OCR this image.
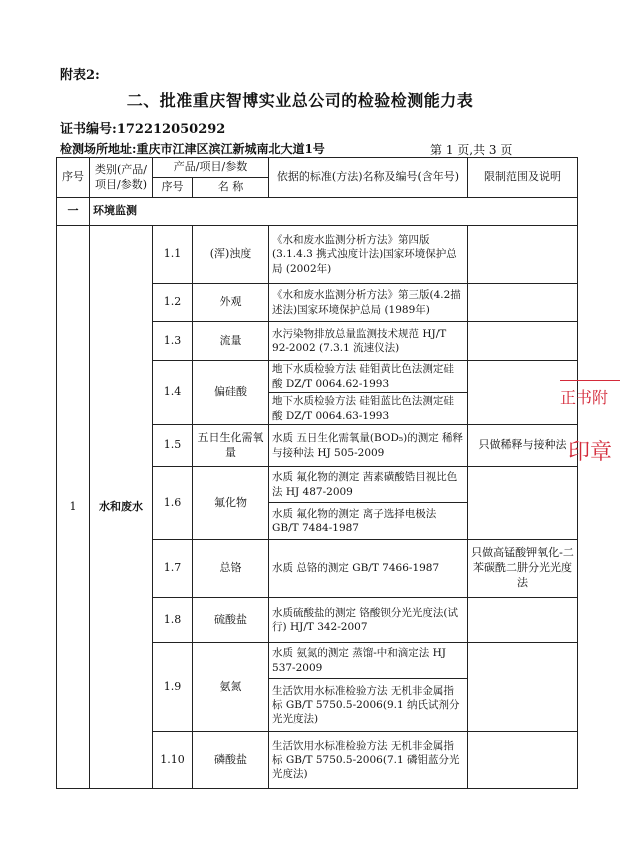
附表2:
二、批准重庆智博实业总公司的检验检测能力表
证书编号:172212050292
检测场所地址:重庆市江津区滨江新城南北大道1号	第 1 页,共 3 页
序号	类别(产品/项目/参数)	产品/项目/参数		依据的标准(方法)名称及编号(含年号)	限制范围及说明
		序号	名 称		
一	环境监测				
1	水和废水	1.1	(浑)浊度	《水和废水监测分析方法》第四版(3.1.4.3 携式浊度计法)国家环境保护总局 (2002年)	
		1.2	外观	《水和废水监测分析方法》第三版(4.2描述法)国家环境保护总局 (1989年)	
		1.3	流量	水污染物排放总量监测技术规范 HJ/T 92-2002 (7.3.1 流速仪法)	
		1.4	偏硅酸	地下水质检验方法 硅钼黄比色法测定硅酸 DZ/T 0064.62-1993	
				地下水质检验方法 硅钼蓝比色法测定硅酸 DZ/T 0064.63-1993	
		1.5	五日生化需氧量	水质 五日生化需氧量(BOD₅)的测定 稀释与接种法 HJ 505-2009	只做稀释与接种法
		1.6	氟化物	水质 氟化物的测定 茜素磺酸锆目视比色法 HJ 487-2009	
				水质 氟化物的测定 离子选择电极法 GB/T 7484-1987	
		1.7	总铬	水质 总铬的测定 GB/T 7466-1987	只做高锰酸钾氧化-二苯碳酰二肼分光光度法
		1.8	硫酸盐	水质硫酸盐的测定 铬酸钡分光光度法(试行) HJ/T 342-2007	
		1.9	氨氮	水质 氨氮的测定 蒸馏-中和滴定法 HJ 537-2009	
				生活饮用水标准检验方法 无机非金属指标 GB/T 5750.5-2006(9.1 纳氏试剂分光光度法)	
		1.10	磷酸盐	生活饮用水标准检验方法 无机非金属指标 GB/T 5750.5-2006(7.1 磷钼蓝分光光度法)	
正书附
印章
